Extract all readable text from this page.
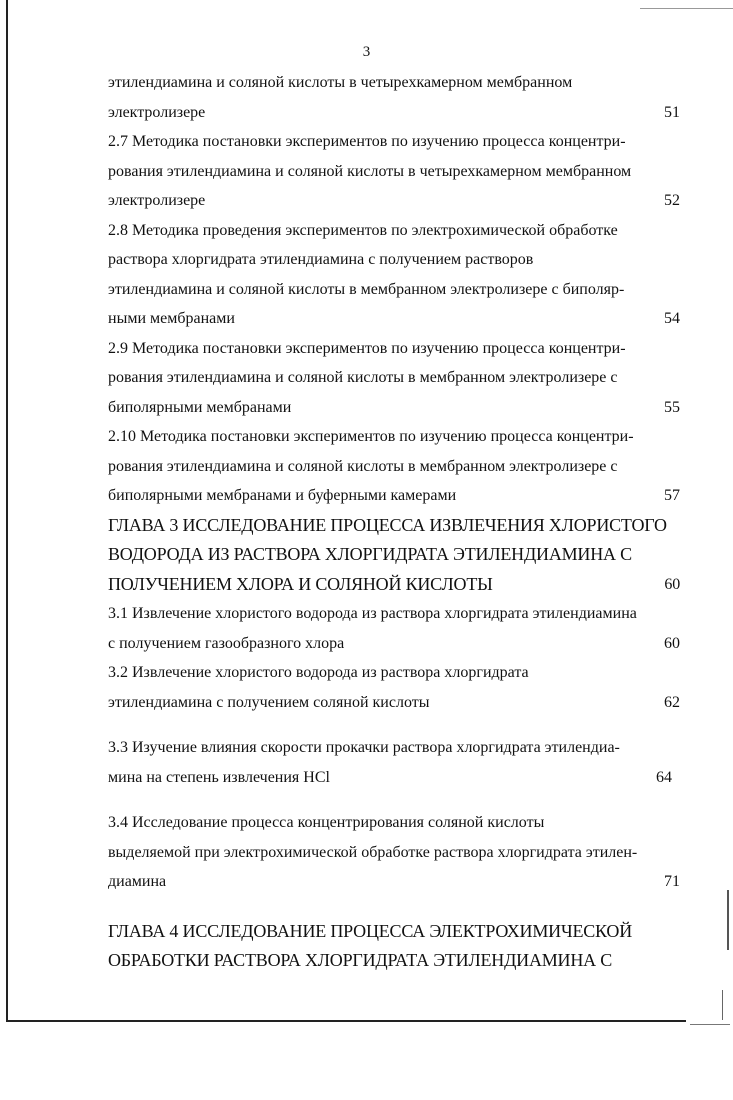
3
этилендиамина и соляной кислоты в четырехкамерном мембранном
электролизере	51
2.7 Методика постановки экспериментов по изучению процесса концентри-
рования этилендиамина и соляной кислоты в четырехкамерном мембранном
электролизере	52
2.8 Методика проведения экспериментов по электрохимической обработке
раствора хлоргидрата этилендиамина с получением растворов
этилендиамина и соляной кислоты в мембранном электролизере с биполяр-
ными мембранами	54
2.9 Методика постановки экспериментов по изучению процесса концентри-
рования этилендиамина и соляной кислоты в мембранном электролизере с
биполярными мембранами	55
2.10 Методика постановки экспериментов по изучению процесса концентри-
рования этилендиамина и соляной кислоты в мембранном электролизере с
биполярными мембранами и буферными камерами	57
ГЛАВА 3 ИССЛЕДОВАНИЕ ПРОЦЕССА ИЗВЛЕЧЕНИЯ ХЛОРИСТОГО
ВОДОРОДА ИЗ РАСТВОРА ХЛОРГИДРАТА ЭТИЛЕНДИАМИНА С
ПОЛУЧЕНИЕМ ХЛОРА И СОЛЯНОЙ КИСЛОТЫ	60
3.1 Извлечение хлористого водорода из раствора хлоргидрата этилендиамина
с получением газообразного хлора	60
3.2 Извлечение хлористого водорода из раствора хлоргидрата
этилендиамина с получением соляной кислоты	62
3.3 Изучение влияния скорости прокачки раствора хлоргидрата этилендиа-
мина на степень извлечения HCl	64
3.4 Исследование процесса концентрирования соляной кислоты
выделяемой при электрохимической обработке раствора хлоргидрата этилен-
диамина	71
ГЛАВА 4 ИССЛЕДОВАНИЕ ПРОЦЕССА ЭЛЕКТРОХИМИЧЕСКОЙ
ОБРАБОТКИ РАСТВОРА ХЛОРГИДРАТА ЭТИЛЕНДИАМИНА С
